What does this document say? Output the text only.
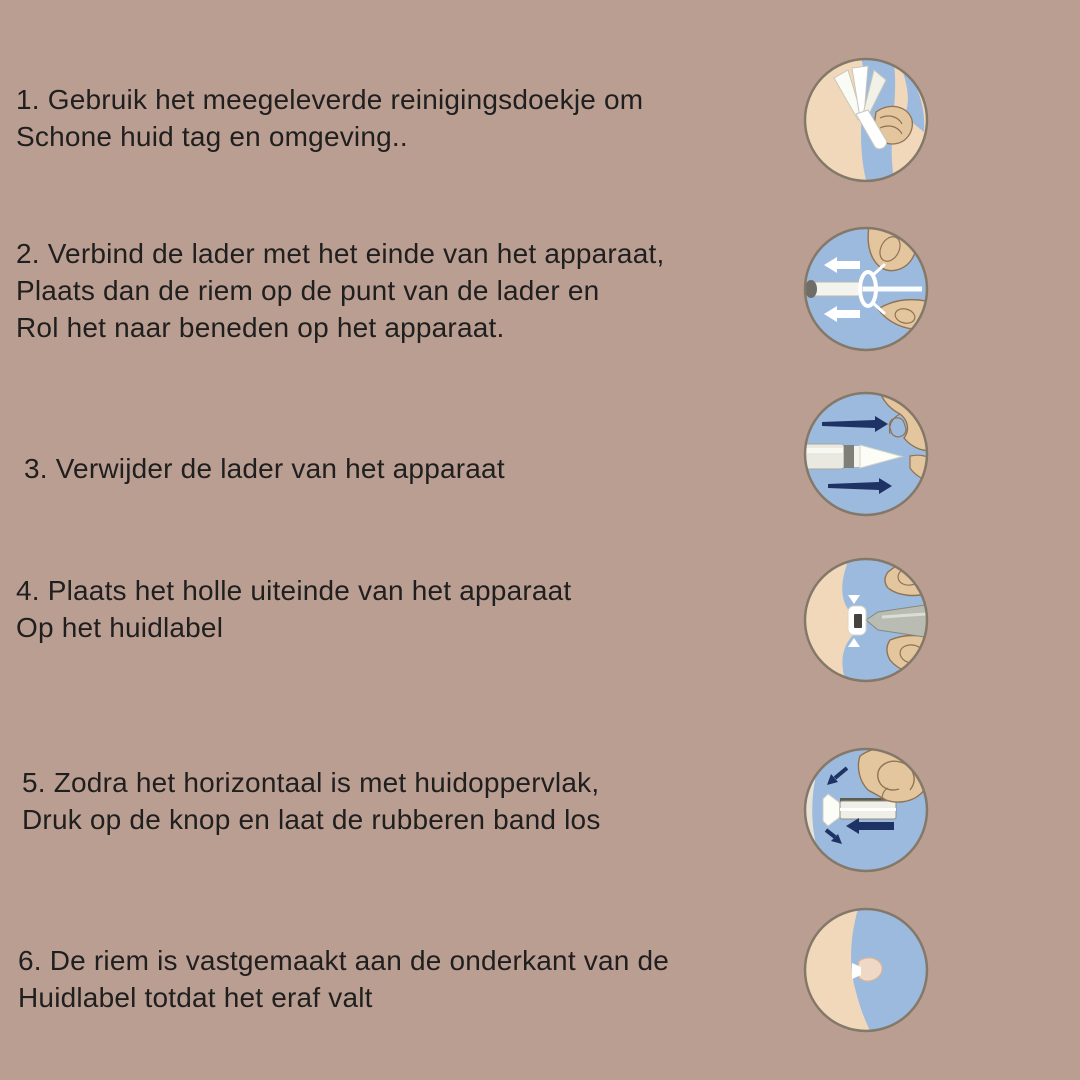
1. Gebruik het meegeleverde reinigingsdoekje om
Schone huid tag en omgeving..
2. Verbind de lader met het einde van het apparaat,
Plaats dan de riem op de punt van de lader en
Rol het naar beneden op het apparaat.
3. Verwijder de lader van het apparaat
4. Plaats het holle uiteinde van het apparaat
Op het huidlabel
5. Zodra het horizontaal is met huidoppervlak,
Druk op de knop en laat de rubberen band los
6. De riem is vastgemaakt aan de onderkant van de
Huidlabel totdat het eraf valt
